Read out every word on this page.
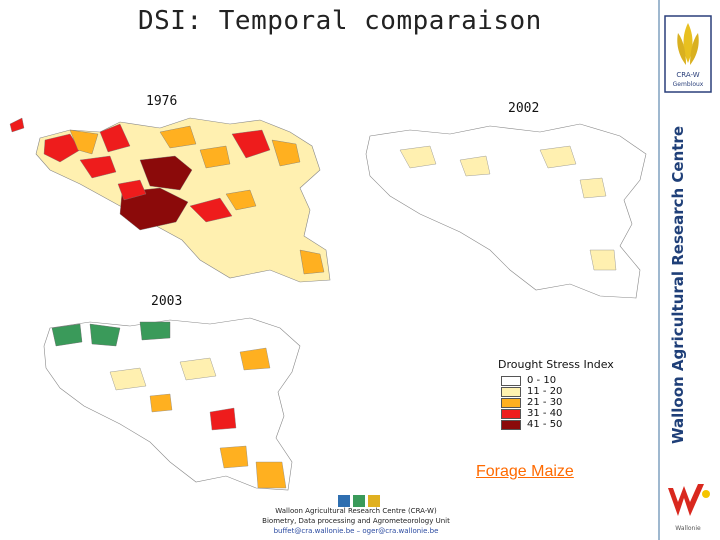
DSI: Temporal comparaison
1976	2002
2003
Drought Stress Index
0 - 10
11 - 20
21 - 30
31 - 40
41 - 50
Forage Maize
Walloon Agricultural Research Centre (CRA-W)
Biometry, Data processing and Agrometeorology Unit
buffet@cra.wallonie.be – oger@cra.wallonie.be
Walloon Agricultural Research Centre
CRA-W
Gembloux
Wallonie
